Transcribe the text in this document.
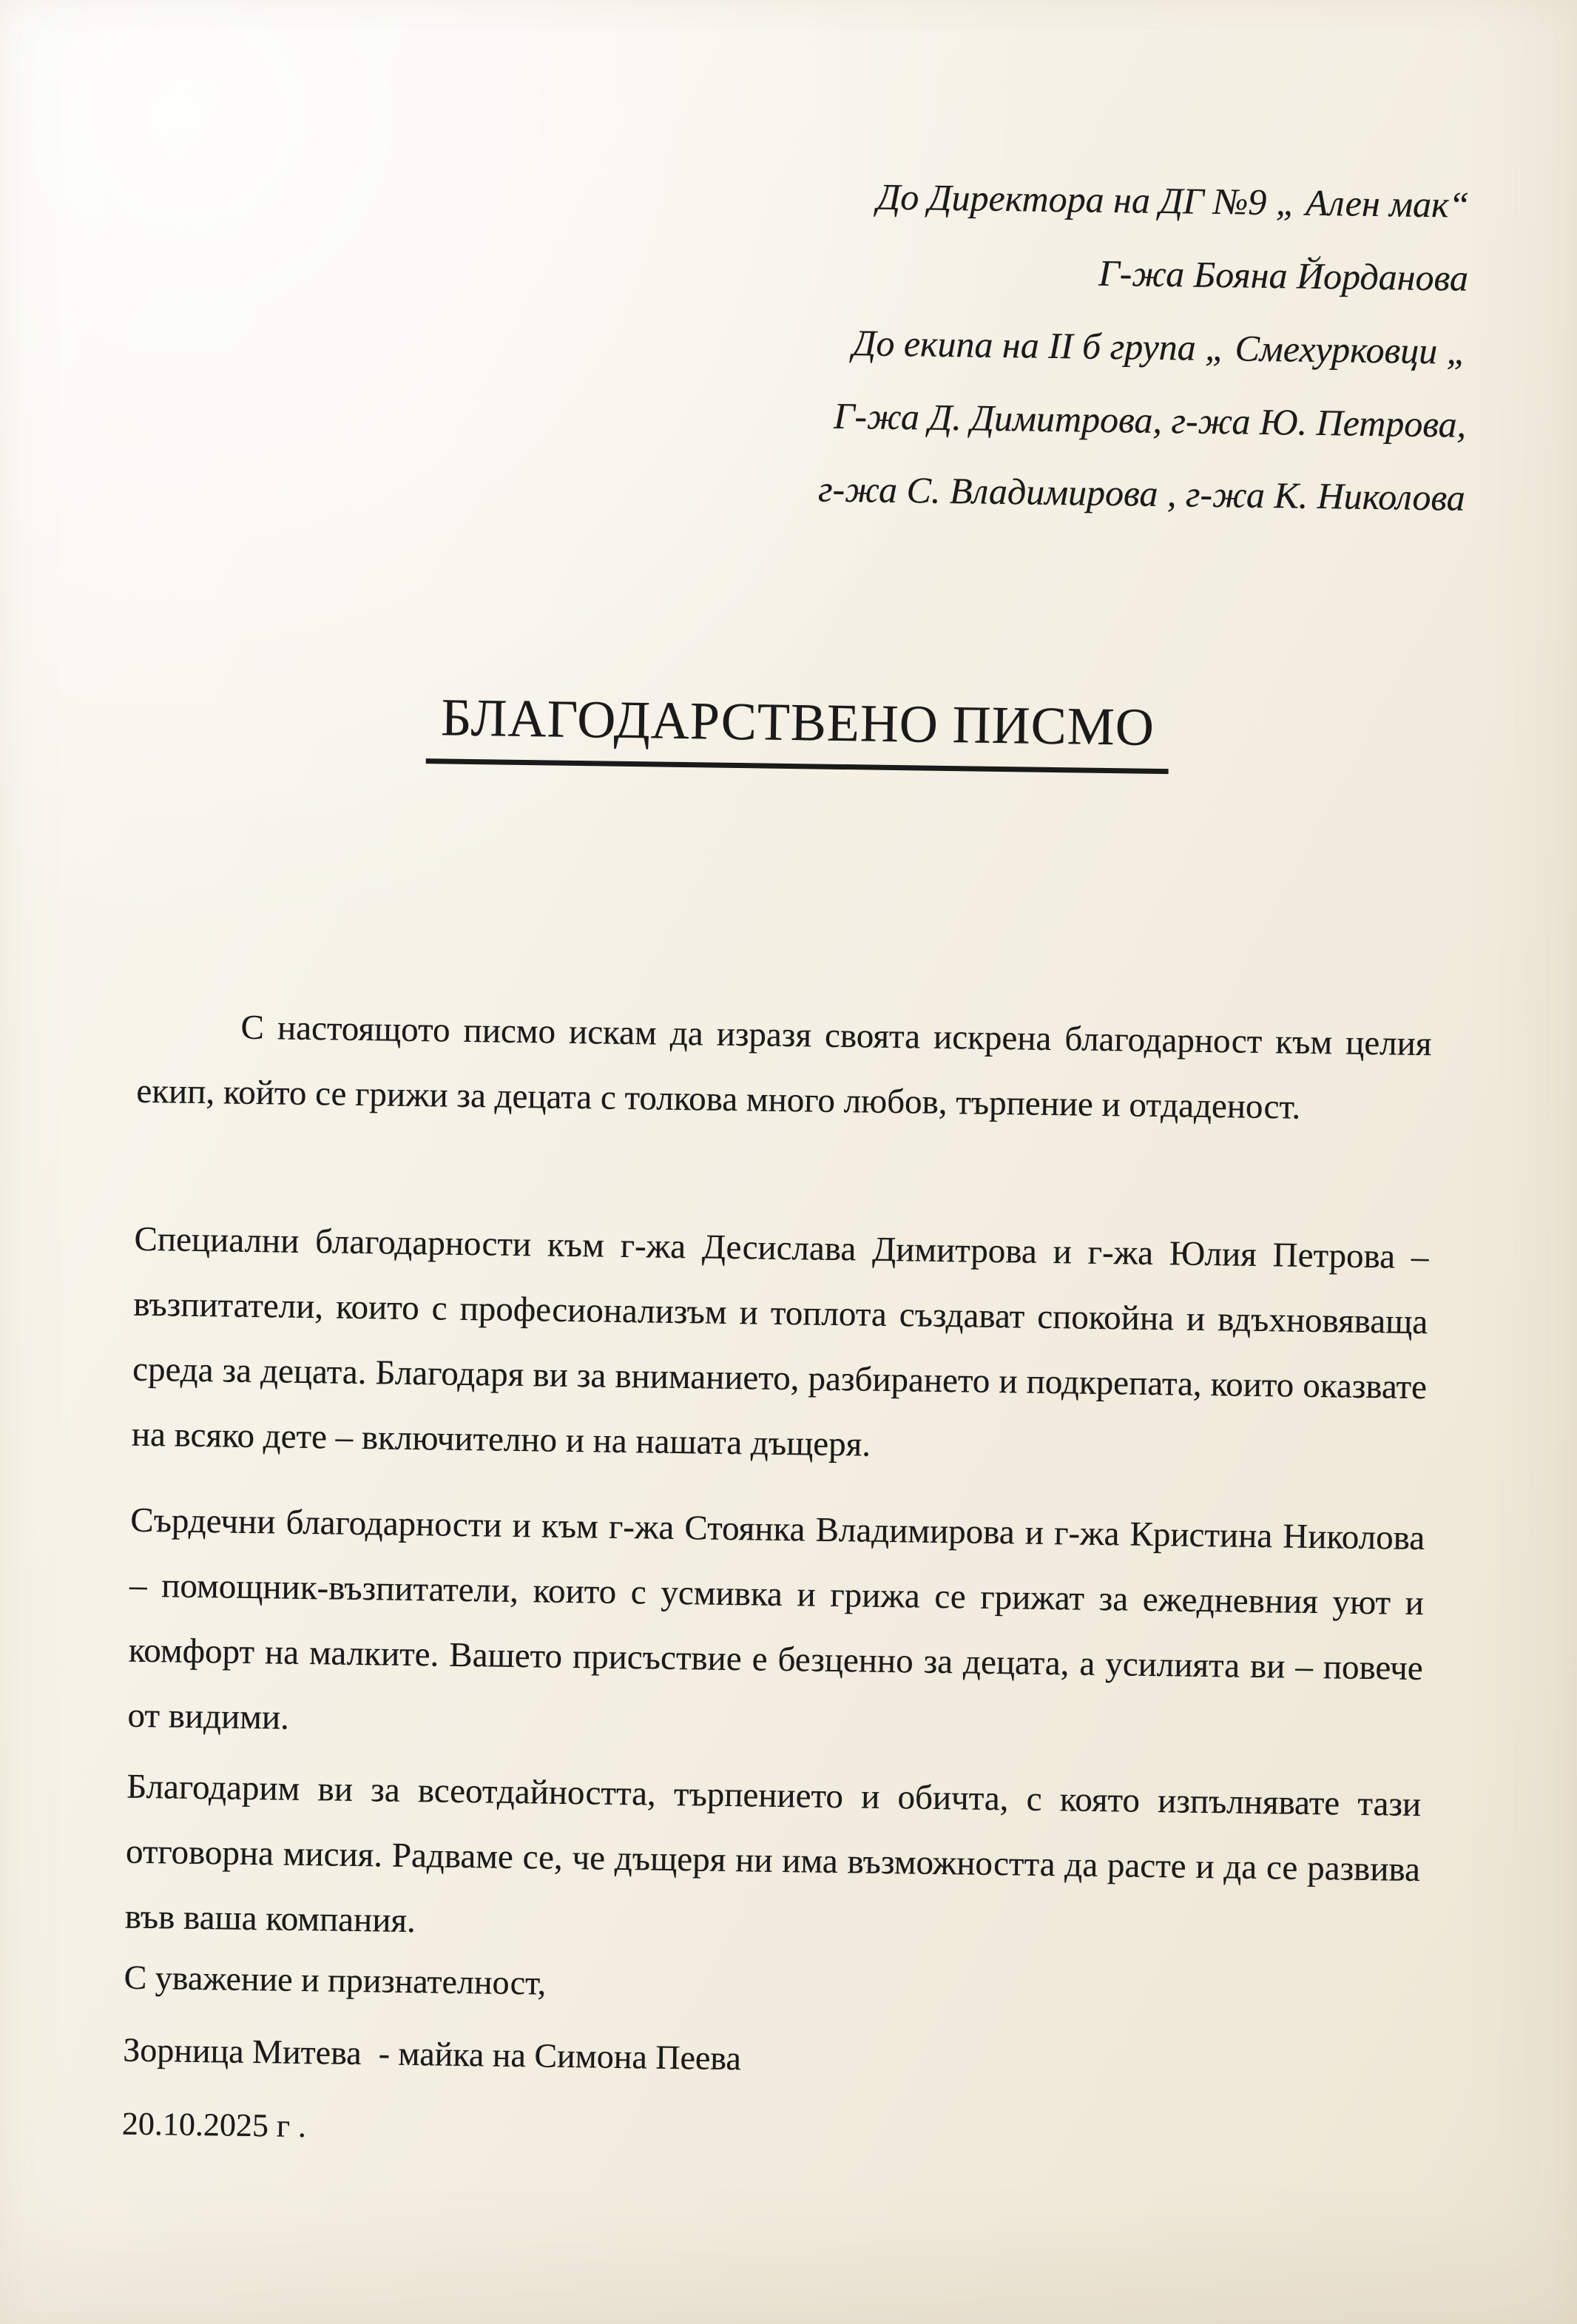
До Директора на ДГ №9 „ Ален мак“
Г-жа Бояна Йорданова
До екипа на II б група „ Смехурковци „
Г-жа Д. Димитрова, г-жа Ю. Петрова,
г-жа С. Владимирова , г-жа К. Николова
БЛАГОДАРСТВЕНО ПИСМО

С настоящото писмо искам да изразя своята искрена благодарност към целия екип, който се грижи за децата с толкова много любов, търпение и отдаденост.

Специални благодарности към г-жа Десислава Димитрова и г-жа Юлия Петрова – възпитатели, които с професионализъм и топлота създават спокойна и вдъхновяваща среда за децата. Благодаря ви за вниманието, разбирането и подкрепата, които оказвате на всяко дете – включително и на нашата дъщеря.

Сърдечни благодарности и към г-жа Стоянка Владимирова и г-жа Кристина Николова – помощник-възпитатели, които с усмивка и грижа се грижат за ежедневния уют и комфорт на малките. Вашето присъствие е безценно за децата, а усилията ви – повече от видими.

Благодарим ви за всеотдайността, търпението и обичта, с която изпълнявате тази отговорна мисия. Радваме се, че дъщеря ни има възможността да расте и да се развива във ваша компания.

С уважение и признателност,
Зорница Митева  - майка на Симона Пеева
20.10.2025 г .
